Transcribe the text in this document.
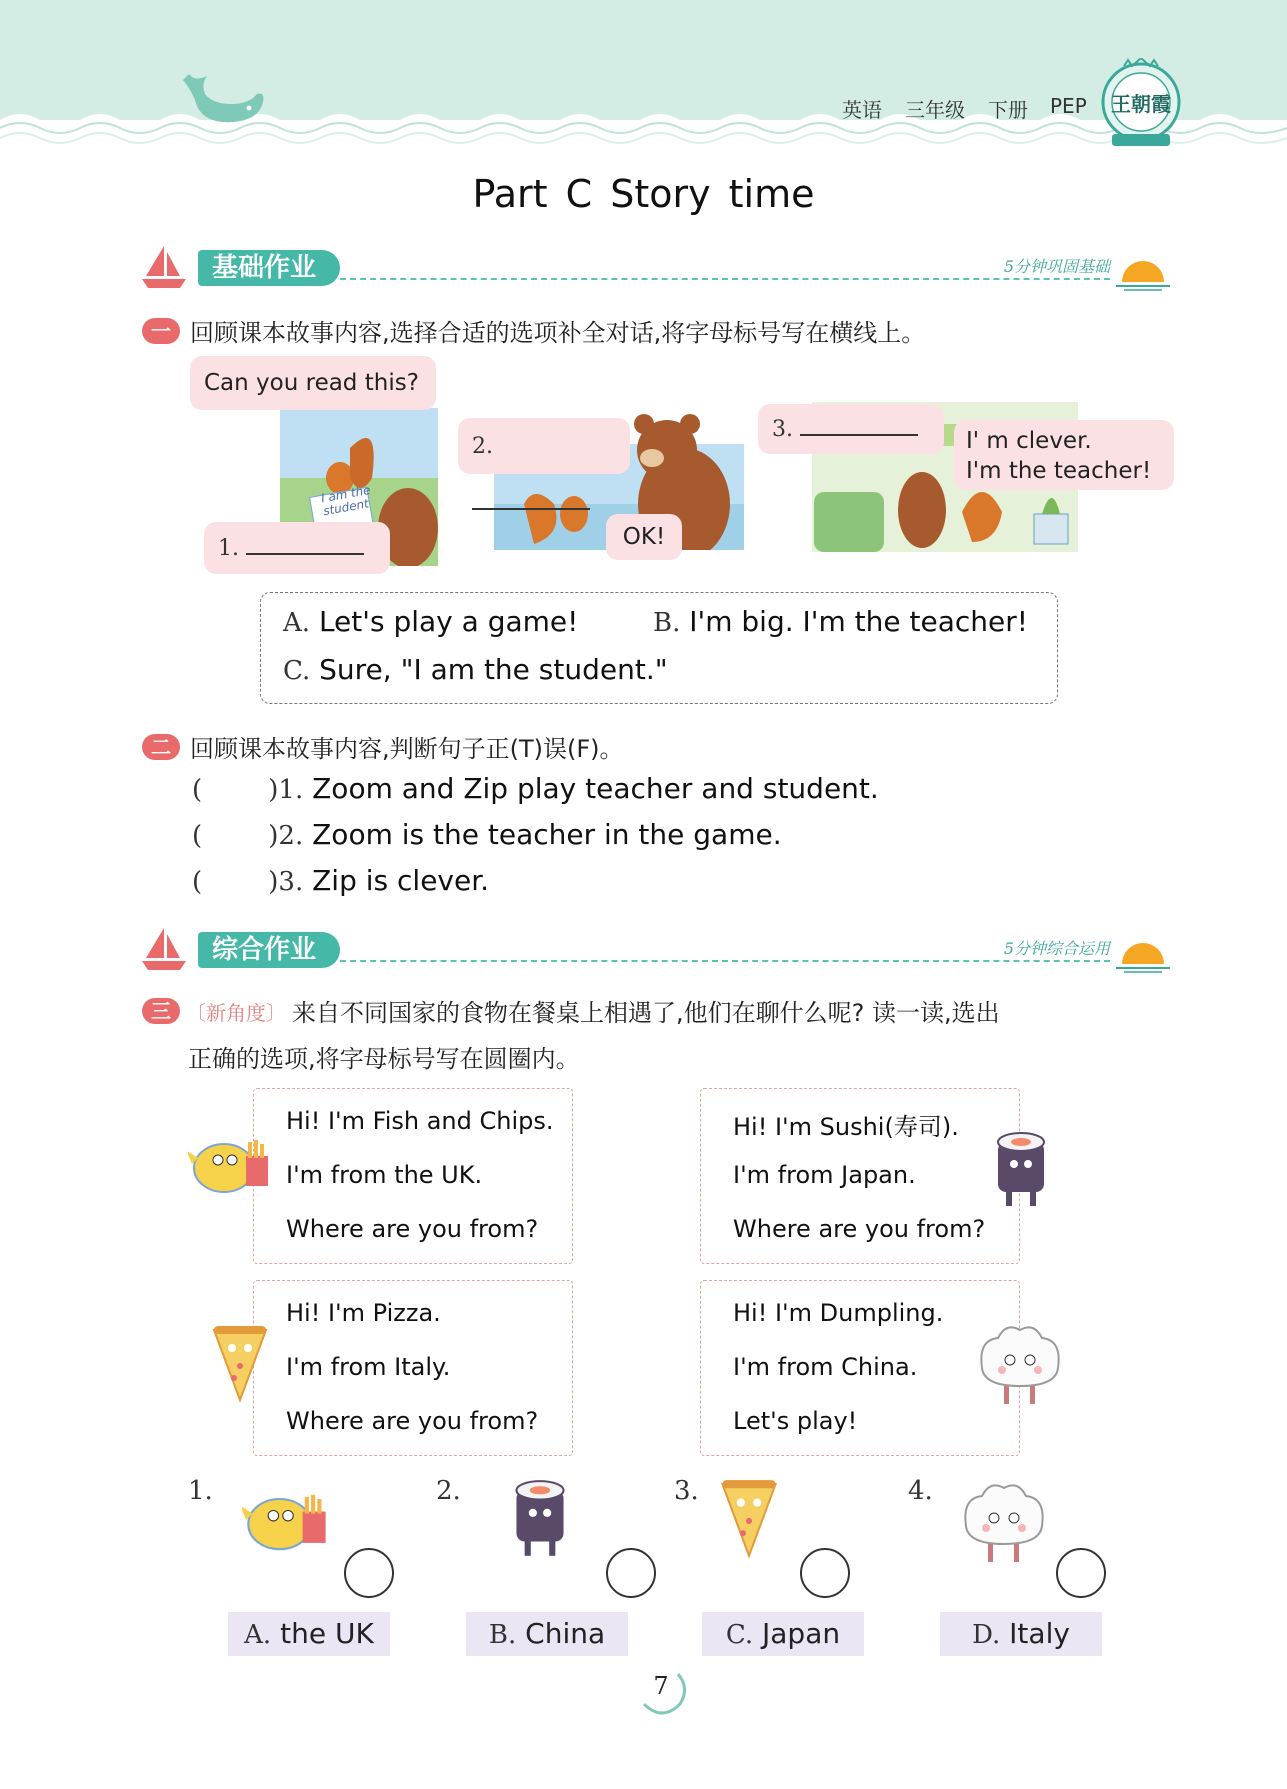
英语 三年级 下册 PEP 王朝霞
Part C Story time
基础作业	5分钟巩固基础
一 回顾课本故事内容,选择合适的选项补全对话,将字母标号写在横线上。
I am the student
Can you read this?
1.
2.
OK!
3.	I' m clever.
I'm the teacher!
A. Let's play a game!	B. I'm big. I'm the teacher!
C. Sure, "I am the student."
二 回顾课本故事内容,判断句子正(T)误(F)。
(        )1. Zoom and Zip play teacher and student.
(        )2. Zoom is the teacher in the game.
(        )3. Zip is clever.
综合作业	5分钟综合运用
三 〔新角度〕 来自不同国家的食物在餐桌上相遇了,他们在聊什么呢? 读一读,选出
正确的选项,将字母标号写在圆圈内。
Hi! I'm Fish and Chips.
I'm from the UK.
Where are you from?
Hi! I'm Sushi(寿司).
I'm from Japan.
Where are you from?
Hi! I'm Pizza.
I'm from Italy.
Where are you from?
Hi! I'm Dumpling.
I'm from China.
Let's play!
1.	2.	3.	4.
A. the UK	B. China	C. Japan	D. Italy
7
